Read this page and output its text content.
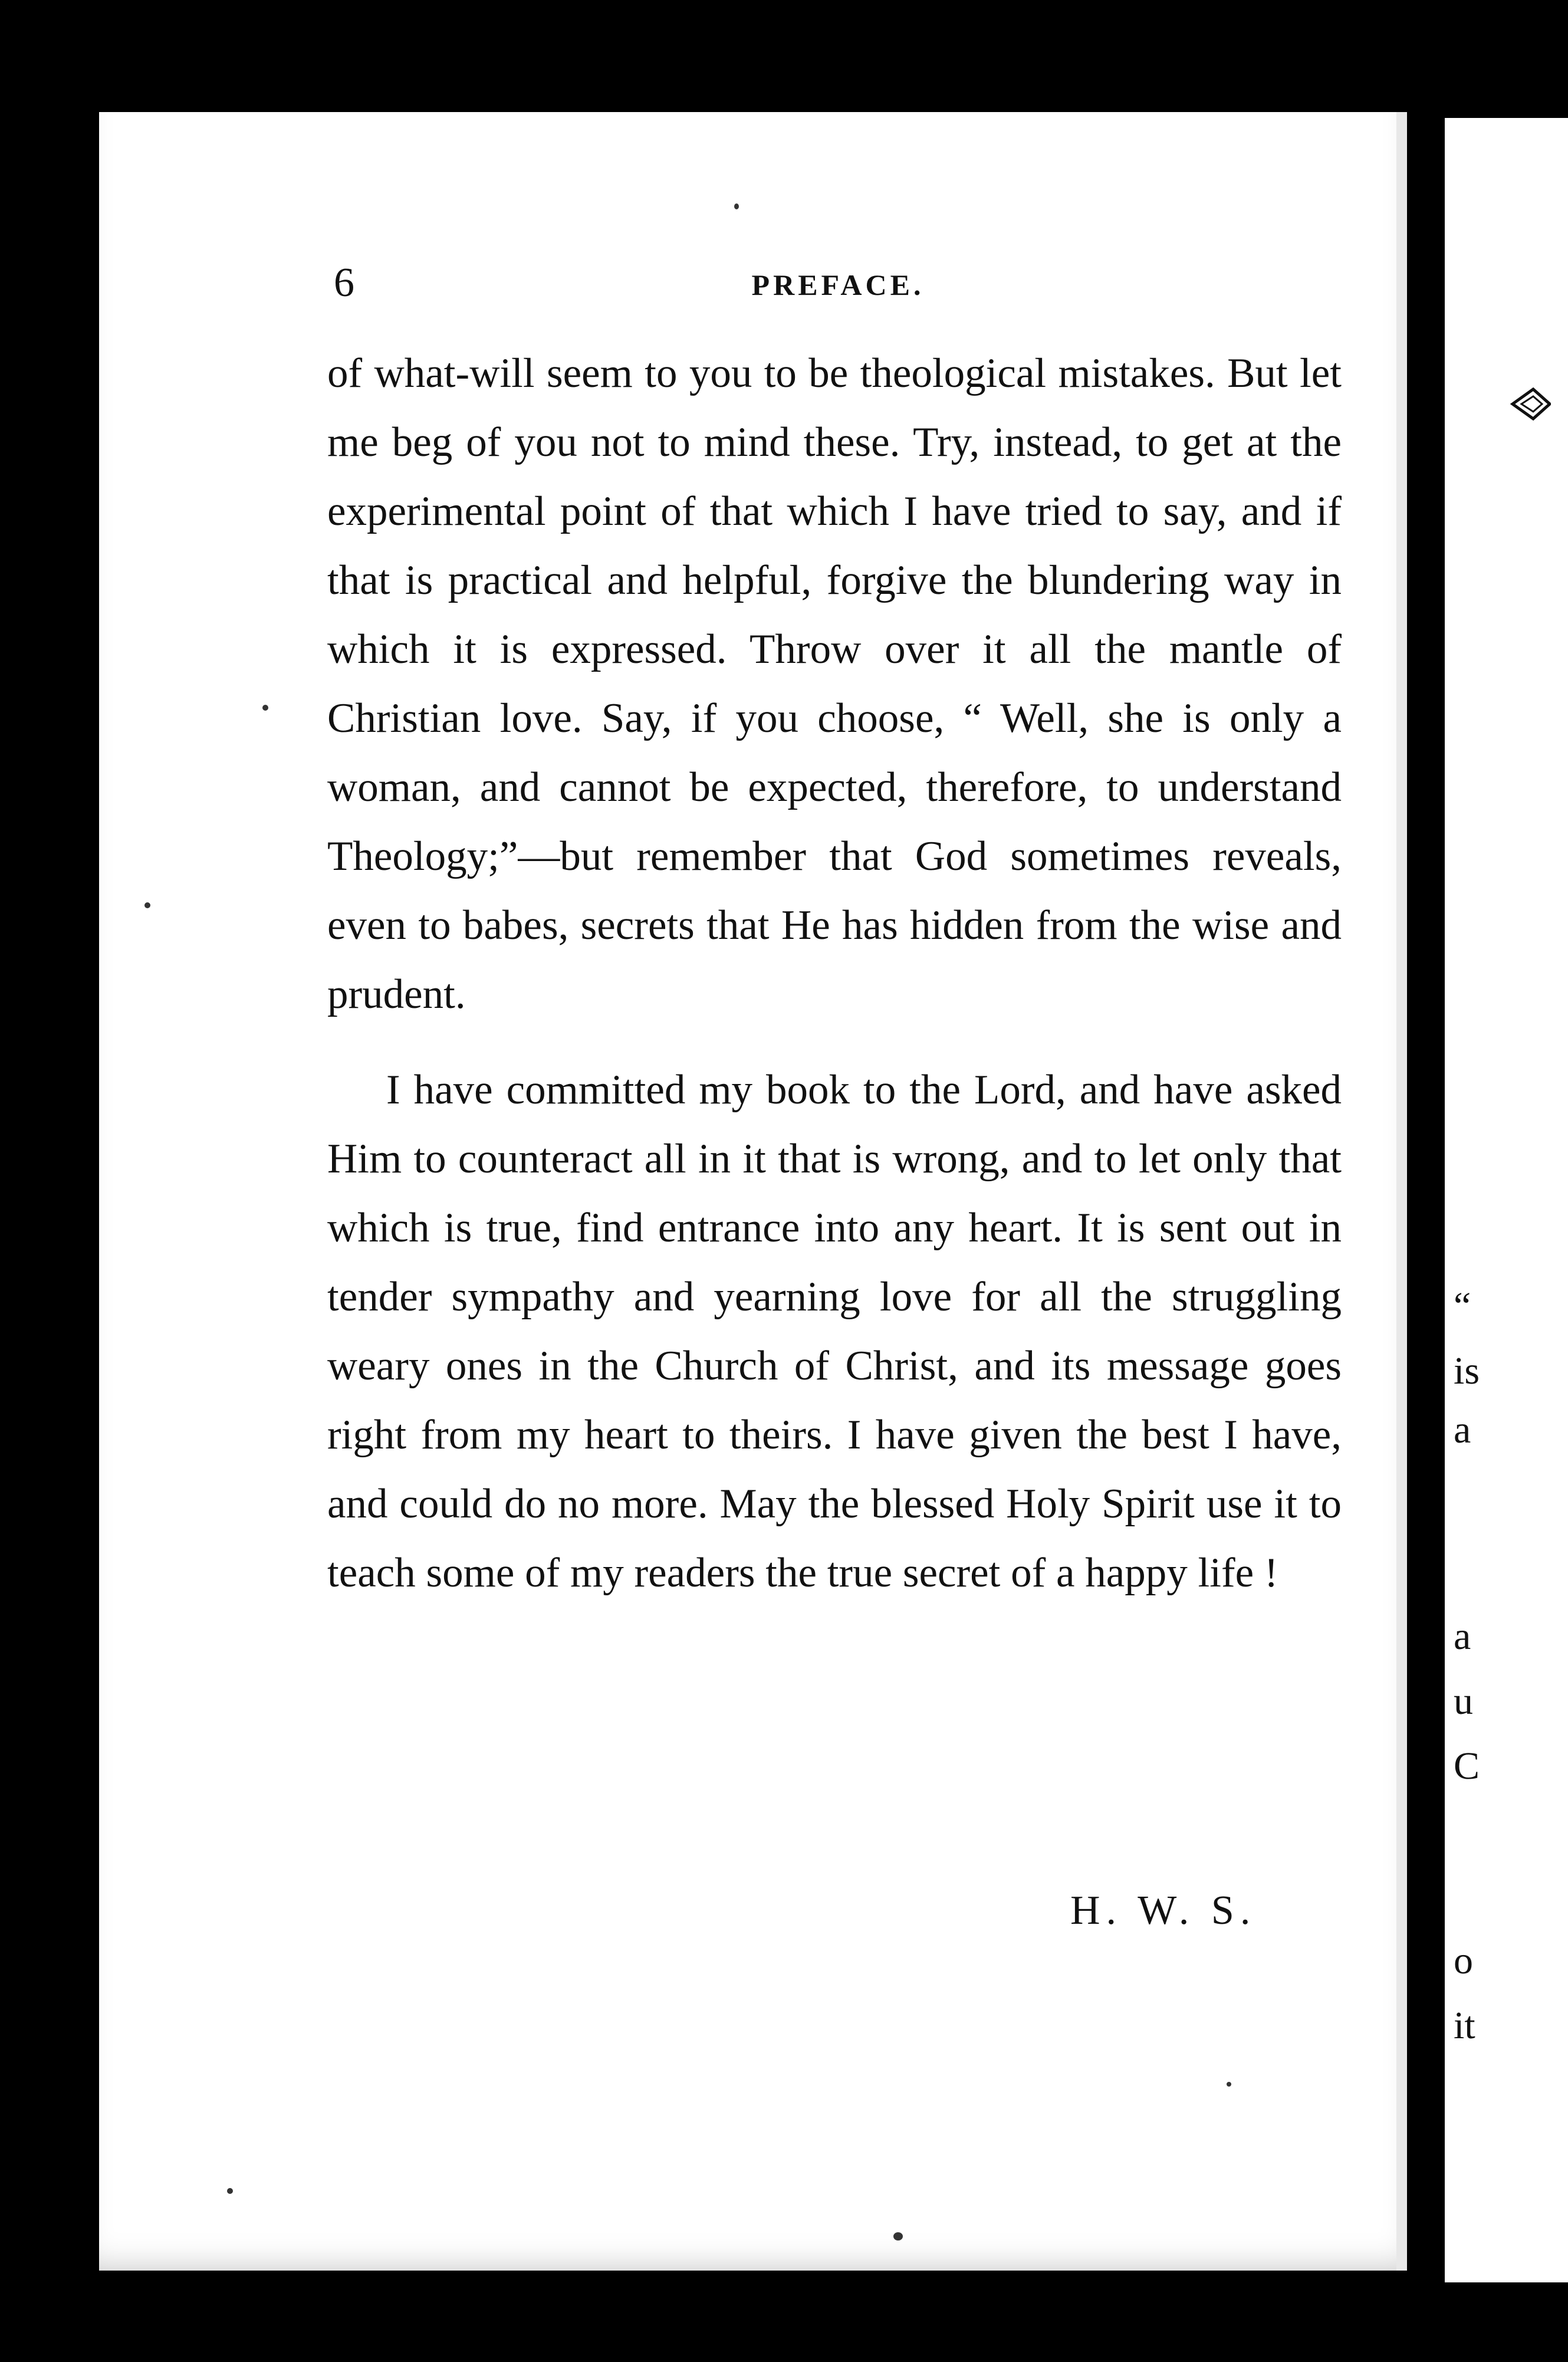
6	PREFACE.

of what-will seem to you to be theological mistakes. But let me beg of you not to mind these. Try, instead, to get at the experimental point of that which I have tried to say, and if that is practical and helpful, forgive the blundering way in which it is expressed. Throw over it all the mantle of Christian love. Say, if you choose, “ Well, she is only a woman, and cannot be expected, therefore, to understand Theology;”—but remember that God sometimes reveals, even to babes, secrets that He has hidden from the wise and prudent.

I have committed my book to the Lord, and have asked Him to counteract all in it that is wrong, and to let only that which is true, find entrance into any heart. It is sent out in tender sympathy and yearning love for all the struggling weary ones in the Church of Christ, and its message goes right from my heart to theirs. I have given the best I have, and could do no more. May the blessed Holy Spirit use it to teach some of my readers the true secret of a happy life !

H. W. S.
“
is
a
a
u
C
o
it
